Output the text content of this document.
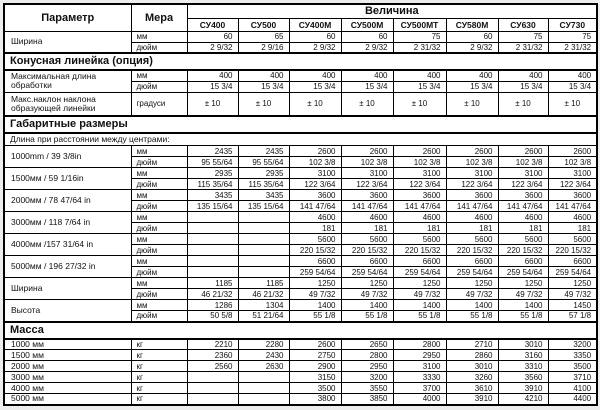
Параметр	Мера	Величина							
		СУ400	СУ500	СУ400М	СУ500М	СУ500МТ	СУ580М	СУ630	СУ730
Ширина	мм	60	65	60	60	75	60	75	75
	дюйм	2 9/32	2 9/16	2 9/32	2 9/32	2 31/32	2 9/32	2 31/32	2 31/32
Конусная линейка (опция)									
Максимальная длина обработки	мм	400	400	400	400	400	400	400	400
	дюйм	15 3/4	15 3/4	15 3/4	15 3/4	15 3/4	15 3/4	15 3/4	15 3/4
Макс.наклон наклона образующей линейки	градуси	± 10	± 10	± 10	± 10	± 10	± 10	± 10	± 10
Габаритные размеры									
Длина при расстоянии между центрами:									
1000mm / 39 3/8in	мм	2435	2435	2600	2600	2600	2600	2600	2600
	дюйм	95 55/64	95 55/64	102 3/8	102 3/8	102 3/8	102 3/8	102 3/8	102 3/8
1500мм / 59 1/16in	мм	2935	2935	3100	3100	3100	3100	3100	3100
	дюйм	115 35/64	115 35/64	122 3/64	122 3/64	122 3/64	122 3/64	122 3/64	122 3/64
2000мм / 78 47/64 in	мм	3435	3435	3600	3600	3600	3600	3600	3600
	дюйм	135 15/64	135 15/64	141 47/64	141 47/64	141 47/64	141 47/64	141 47/64	141 47/64
3000мм / 118 7/64 in	мм			4600	4600	4600	4600	4600	4600
	дюйм			181	181	181	181	181	181
4000мм /157 31/64 in	мм			5600	5600	5600	5600	5600	5600
	дюйм			220 15/32	220 15/32	220 15/32	220 15/32	220 15/32	220 15/32
5000мм / 196 27/32 in	мм			6600	6600	6600	6600	6600	6600
	дюйм			259 54/64	259 54/64	259 54/64	259 54/64	259 54/64	259 54/64
Ширина	мм	1185	1185	1250	1250	1250	1250	1250	1250
	дюйм	46 21/32	46 21/32	49 7/32	49 7/32	49 7/32	49 7/32	49 7/32	49 7/32
Высота	мм	1286	1304	1400	1400	1400	1400	1400	1450
	дюйм	50 5/8	51 21/64	55 1/8	55 1/8	55 1/8	55 1/8	55 1/8	57 1/8
Масса									
1000 мм	кг	2210	2280	2600	2650	2800	2710	3010	3200
1500 мм	кг	2360	2430	2750	2800	2950	2860	3160	3350
2000 мм	кг	2560	2630	2900	2950	3100	3010	3310	3500
3000 мм	кг			3150	3200	3330	3260	3560	3710
4000 мм	кг			3500	3550	3700	3610	3910	4100
5000 мм	кг			3800	3850	4000	3910	4210	4400
